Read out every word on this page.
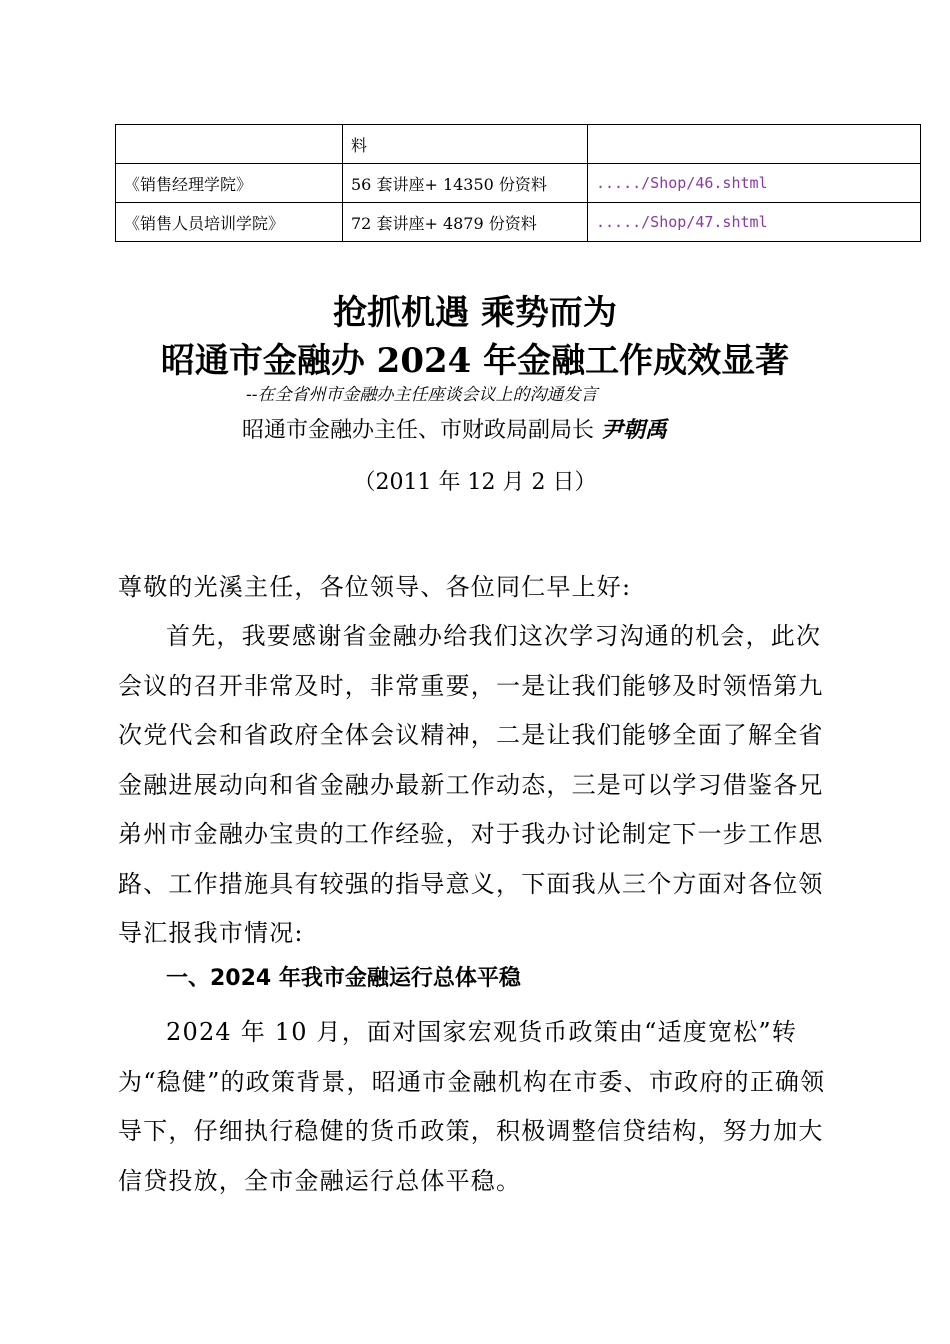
	料	
《销售经理学院》	56 套讲座+ 14350 份资料	...../Shop/46.shtml
《销售人员培训学院》	72 套讲座+ 4879 份资料	...../Shop/47.shtml
抢抓机遇 乘势而为
昭通市金融办 2024 年金融工作成效显著
--在全省州市金融办主任座谈会议上的沟通发言
昭通市金融办主任、市财政局副局长 尹朝禹
（2011 年 12 月 2 日）
尊敬的光溪主任，各位领导、各位同仁早上好:
首先，我要感谢省金融办给我们这次学习沟通的机会，此次会议的召开非常及时，非常重要，一是让我们能够及时领悟第九次党代会和省政府全体会议精神，二是让我们能够全面了解全省金融进展动向和省金融办最新工作动态，三是可以学习借鉴各兄弟州市金融办宝贵的工作经验，对于我办讨论制定下一步工作思路、工作措施具有较强的指导意义，下面我从三个方面对各位领导汇报我市情况:
一、2024 年我市金融运行总体平稳
2024 年 10 月，面对国家宏观货币政策由“适度宽松”转为“稳健”的政策背景，昭通市金融机构在市委、市政府的正确领导下，仔细执行稳健的货币政策，积极调整信贷结构，努力加大信贷投放，全市金融运行总体平稳。
